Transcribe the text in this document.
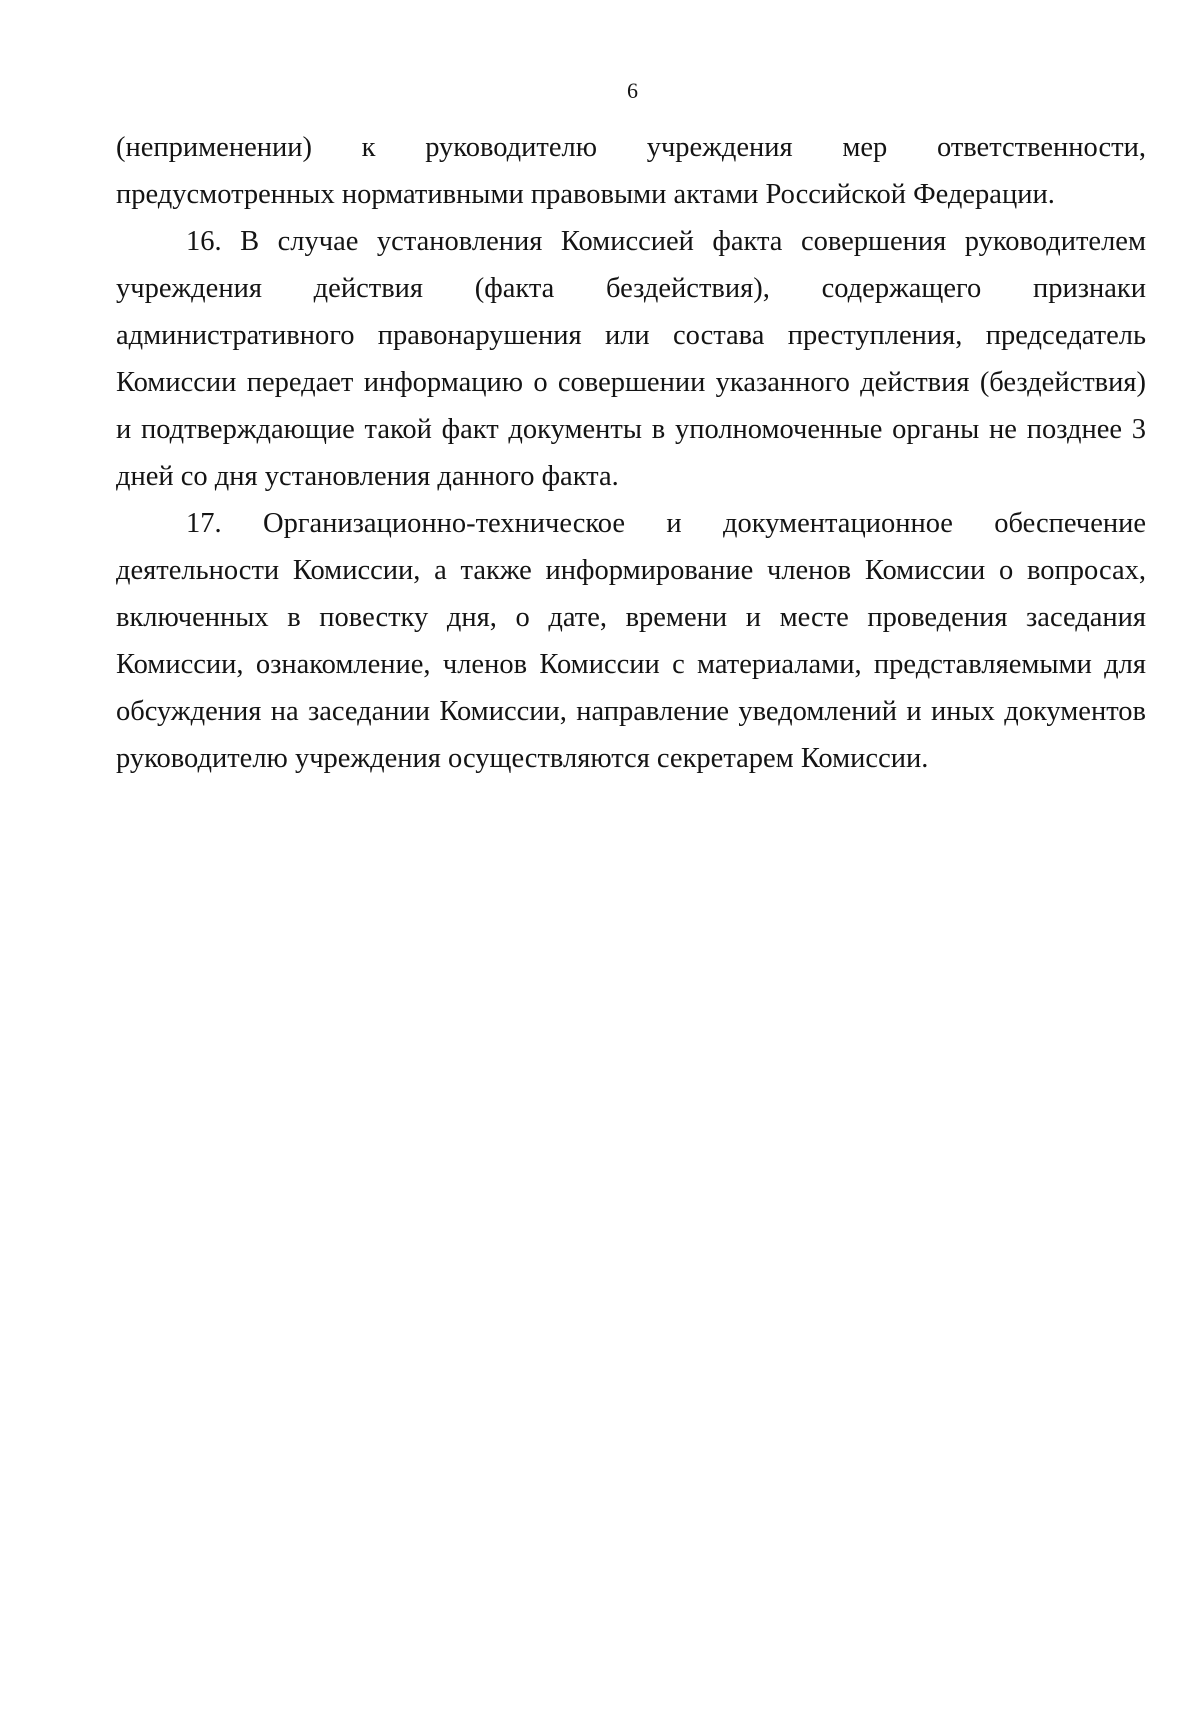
6

(неприменении) к руководителю учреждения мер ответственности, предусмотренных нормативными правовыми актами Российской Федерации.

16. В случае установления Комиссией факта совершения руководителем учреждения действия (факта бездействия), содержащего признаки административного правонарушения или состава преступления, председатель Комиссии передает информацию о совершении указанного действия (бездействия) и подтверждающие такой факт документы в уполномоченные органы не позднее 3 дней со дня установления данного факта.

17. Организационно-техническое и документационное обеспечение деятельности Комиссии, а также информирование членов Комиссии о вопросах, включенных в повестку дня, о дате, времени и месте проведения заседания Комиссии, ознакомление, членов Комиссии с материалами, представляемыми для обсуждения на заседании Комиссии, направление уведомлений и иных документов руководителю учреждения осуществляются секретарем Комиссии.
